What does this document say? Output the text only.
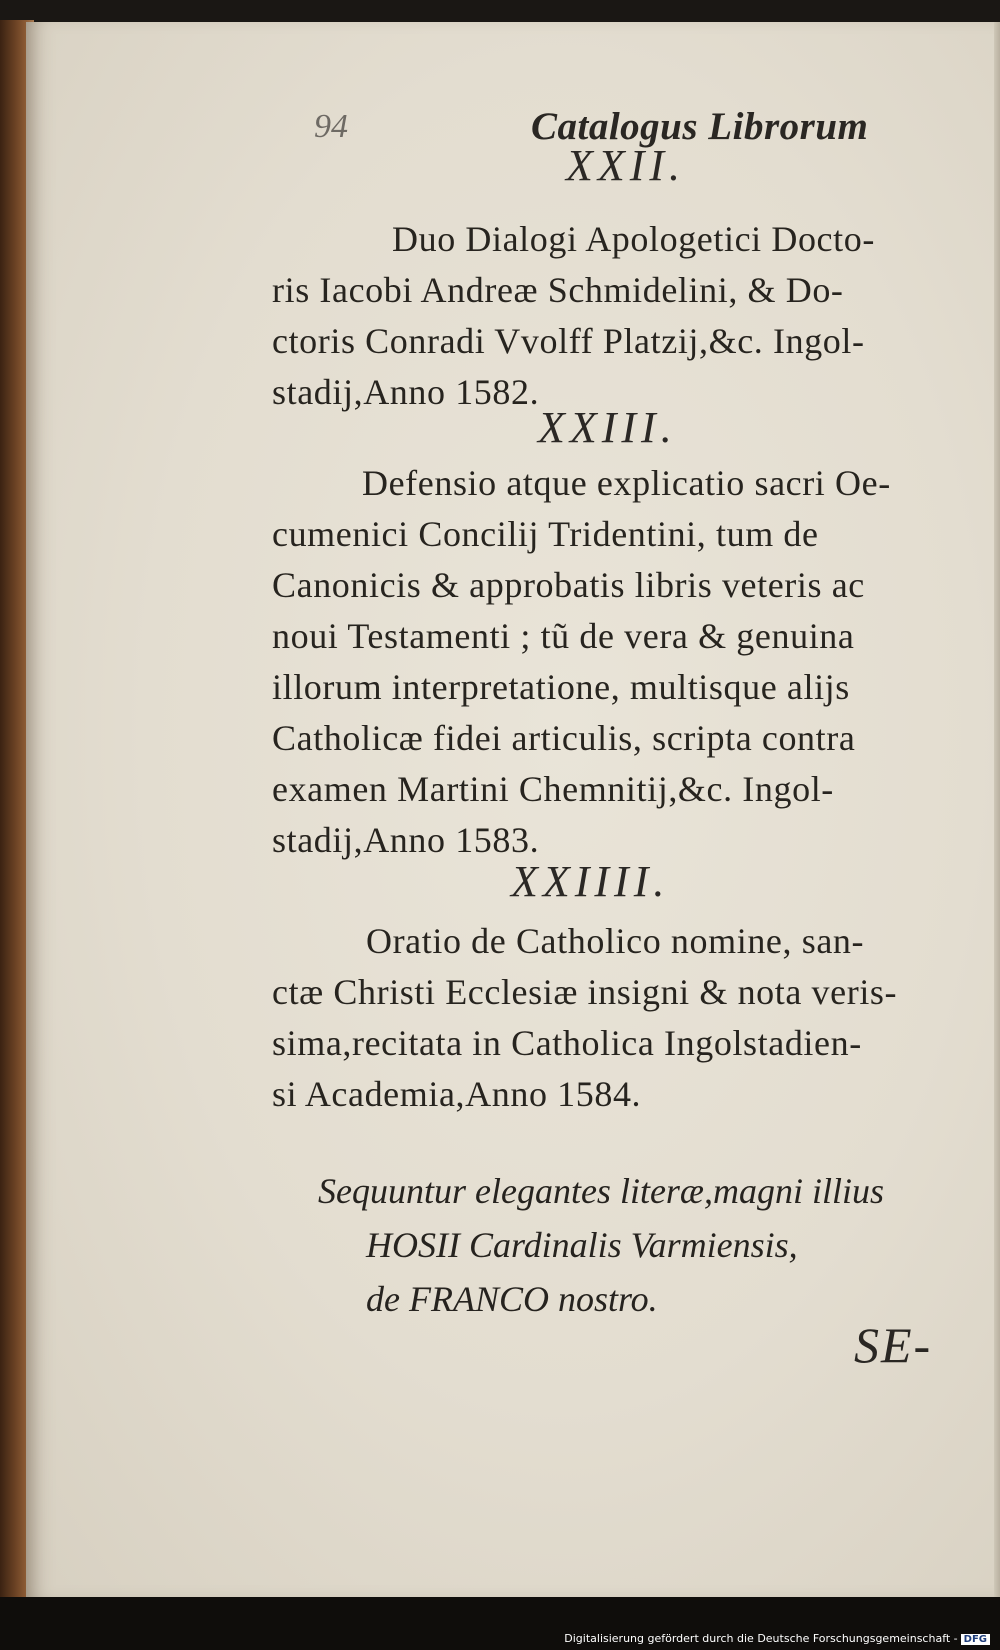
94	Catalogus Librorum
XXII.
Duo Dialogi Apologetici Docto-
ris Iacobi Andreæ Schmidelini, & Do-
ctoris Conradi Vvolff Platzij,&c. Ingol-
stadij,Anno 1582.
XXIII.
Defensio atque explicatio sacri Oe-
cumenici Concilij Tridentini, tum de
Canonicis & approbatis libris veteris ac
noui Testamenti ; tũ de vera & genuina
illorum interpretatione, multisque alijs
Catholicæ fidei articulis, scripta contra
examen Martini Chemnitij,&c. Ingol-
stadij,Anno 1583.
XXIIII.
Oratio de Catholico nomine, san-
ctæ Christi Ecclesiæ insigni & nota veris-
sima,recitata in Catholica Ingolstadien-
si Academia,Anno 1584.
Sequuntur elegantes literæ,magni illius
HOSII Cardinalis Varmiensis,
de FRANCO nostro.
SE-
Digitalisierung gefördert durch die Deutsche Forschungsgemeinschaft - DFG
